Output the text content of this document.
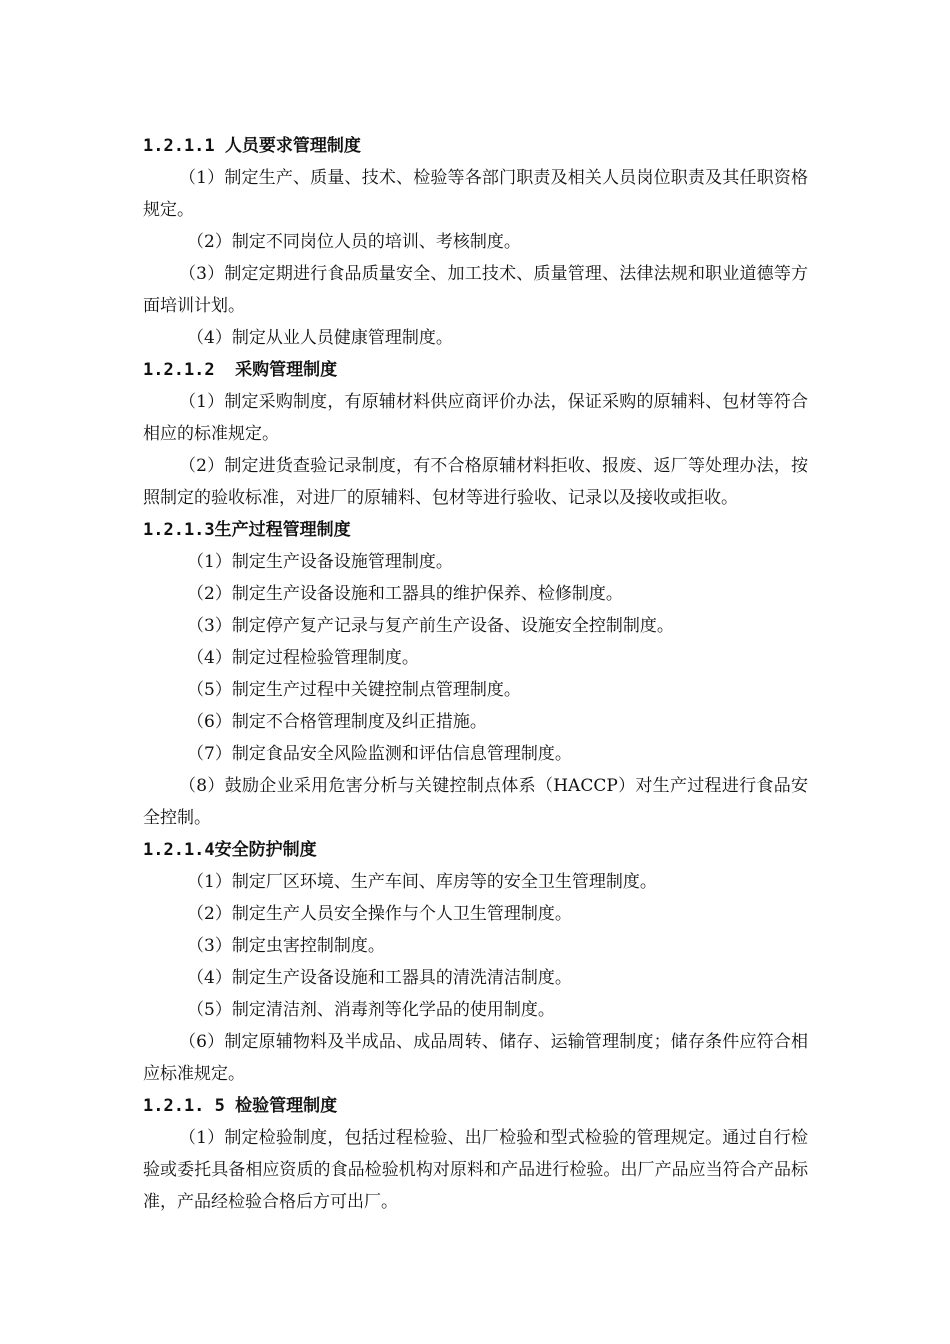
1.2.1.1 人员要求管理制度

（1）制定生产、质量、技术、检验等各部门职责及相关人员岗位职责及其任职资格规定。

（2）制定不同岗位人员的培训、考核制度。

（3）制定定期进行食品质量安全、加工技术、质量管理、法律法规和职业道德等方面培训计划。

（4）制定从业人员健康管理制度。

1.2.1.2  采购管理制度

（1）制定采购制度，有原辅材料供应商评价办法，保证采购的原辅料、包材等符合相应的标准规定。

（2）制定进货查验记录制度，有不合格原辅材料拒收、报废、返厂等处理办法，按照制定的验收标准，对进厂的原辅料、包材等进行验收、记录以及接收或拒收。

1.2.1.3生产过程管理制度

（1）制定生产设备设施管理制度。

（2）制定生产设备设施和工器具的维护保养、检修制度。

（3）制定停产复产记录与复产前生产设备、设施安全控制制度。

（4）制定过程检验管理制度。

（5）制定生产过程中关键控制点管理制度。

（6）制定不合格管理制度及纠正措施。

（7）制定食品安全风险监测和评估信息管理制度。

（8）鼓励企业采用危害分析与关键控制点体系（HACCP）对生产过程进行食品安全控制。

1.2.1.4安全防护制度

（1）制定厂区环境、生产车间、库房等的安全卫生管理制度。

（2）制定生产人员安全操作与个人卫生管理制度。

（3）制定虫害控制制度。

（4）制定生产设备设施和工器具的清洗清洁制度。

（5）制定清洁剂、消毒剂等化学品的使用制度。

（6）制定原辅物料及半成品、成品周转、储存、运输管理制度；储存条件应符合相应标准规定。

1.2.1. 5 检验管理制度

（1）制定检验制度，包括过程检验、出厂检验和型式检验的管理规定。通过自行检验或委托具备相应资质的食品检验机构对原料和产品进行检验。出厂产品应当符合产品标准，产品经检验合格后方可出厂。
